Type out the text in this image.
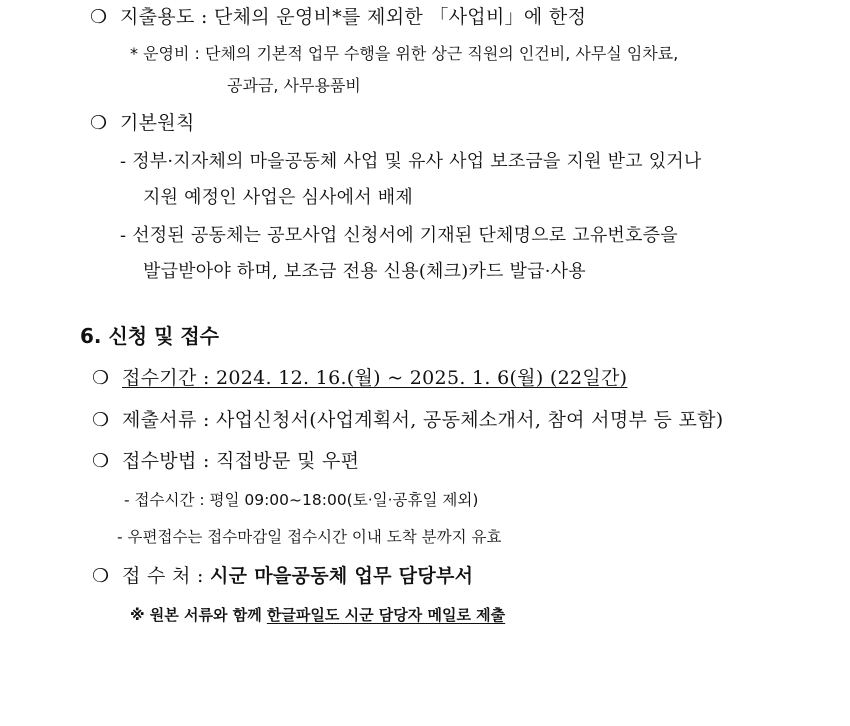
❍ 지출용도 : 단체의 운영비*를 제외한 「사업비」에 한정
* 운영비 : 단체의 기본적 업무 수행을 위한 상근 직원의 인건비, 사무실 임차료,
공과금, 사무용품비
❍ 기본원칙
- 정부·지자체의 마을공동체 사업 및 유사 사업 보조금을 지원 받고 있거나
지원 예정인 사업은 심사에서 배제
- 선정된 공동체는 공모사업 신청서에 기재된 단체명으로 고유번호증을
발급받아야 하며, 보조금 전용 신용(체크)카드 발급·사용
6. 신청 및 접수
❍ 접수기간 : 2024. 12. 16.(월) ~ 2025. 1. 6(월) (22일간)
❍ 제출서류 : 사업신청서(사업계획서, 공동체소개서, 참여 서명부 등 포함)
❍ 접수방법 : 직접방문 및 우편
- 접수시간 : 평일 09:00~18:00(토·일·공휴일 제외)
- 우편접수는 접수마감일 접수시간 이내 도착 분까지 유효
❍ 접 수 처 : 시군 마을공동체 업무 담당부서
※ 원본 서류와 함께 한글파일도 시군 담당자 메일로 제출
